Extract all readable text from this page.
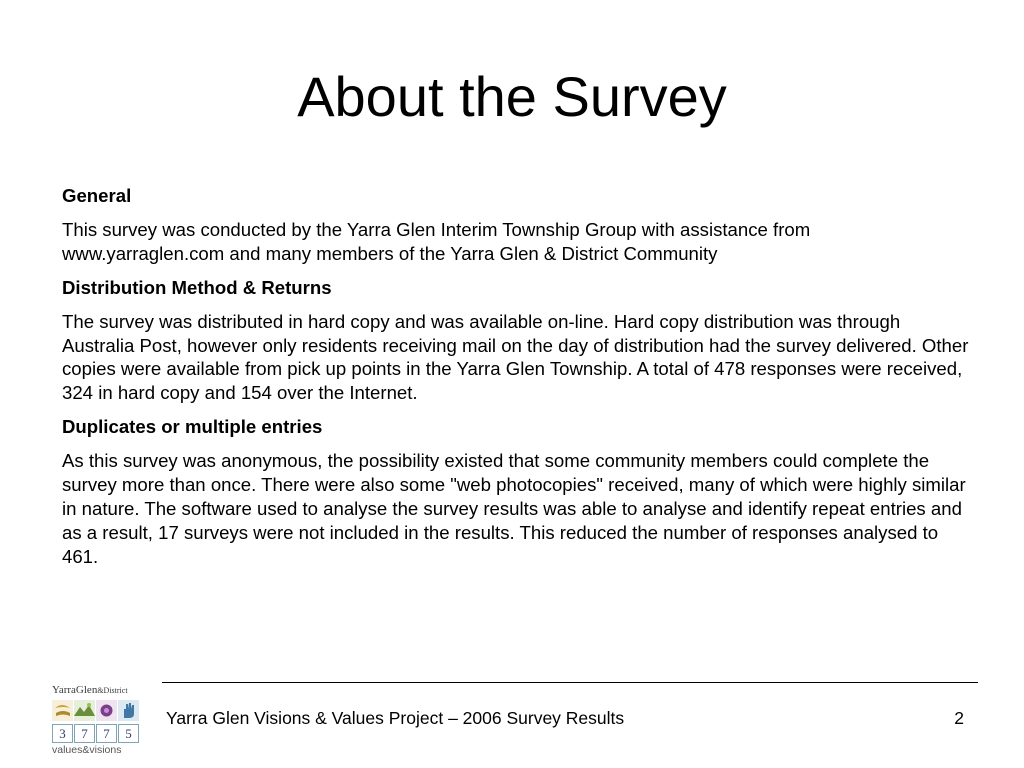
About the Survey
General

This survey was conducted by the Yarra Glen Interim Township Group with assistance from www.yarraglen.com and many members of the Yarra Glen & District Community

Distribution Method & Returns

The survey was distributed in hard copy and was available on-line. Hard copy distribution was through Australia Post, however only residents receiving mail on the day of distribution had the survey delivered. Other copies were available from pick up points in the Yarra Glen Township. A total of 478 responses were received, 324 in hard copy and 154 over the Internet.

Duplicates or multiple entries

As this survey was anonymous, the possibility existed that some community members could complete the survey more than once. There were also some "web photocopies" received, many of which were highly similar in nature. The software used to analyse the survey results was able to analyse and identify repeat entries and as a result, 17 surveys were not included in the results. This reduced the number of responses analysed to 461.

YarraGlen&District
3	7	7	5
values&visions
Yarra Glen Visions & Values Project – 2006 Survey Results	2
